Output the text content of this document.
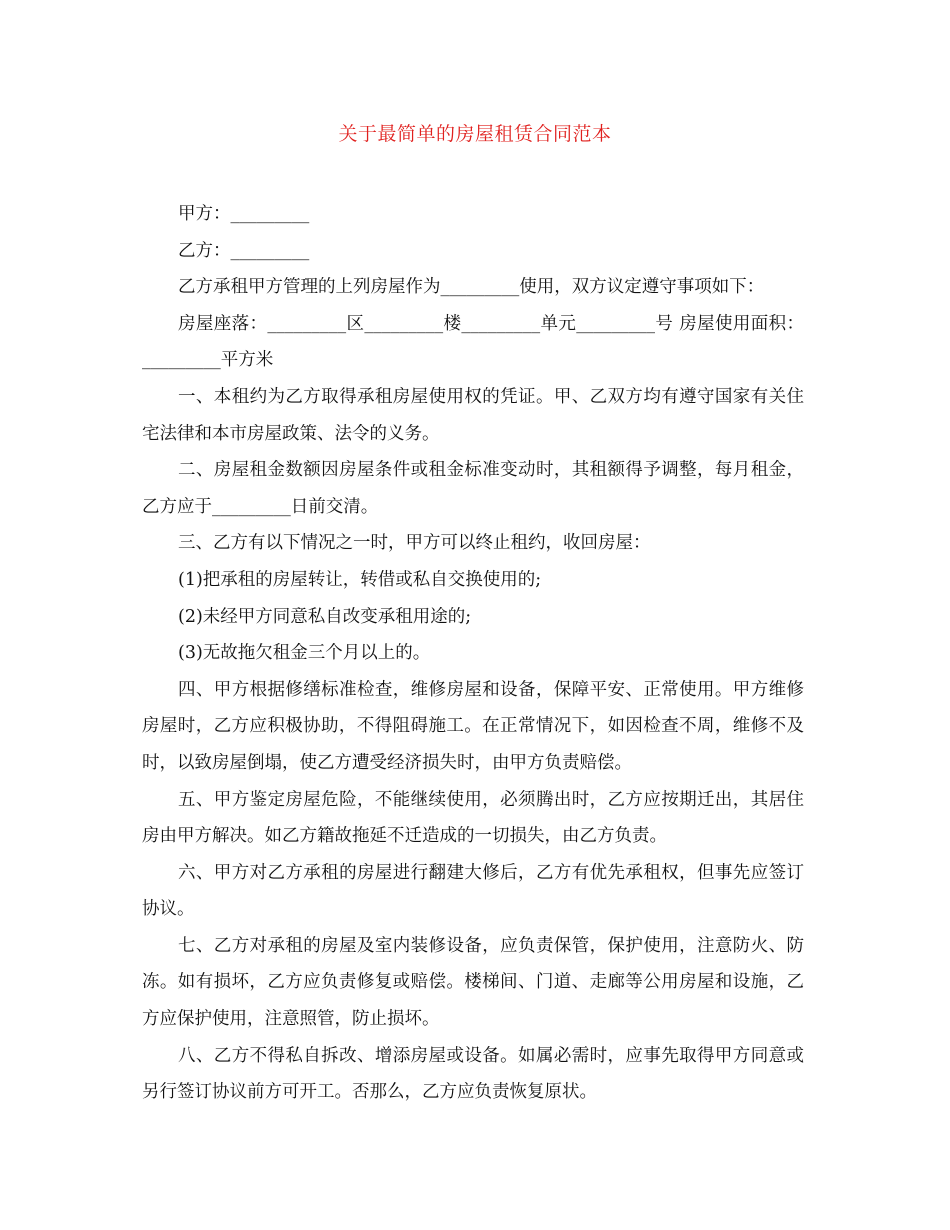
关于最简单的房屋租赁合同范本

甲方：_________

乙方：_________

乙方承租甲方管理的上列房屋作为_________使用，双方议定遵守事项如下：

房屋座落：_________区_________楼_________单元_________号 房屋使用面积：_________平方米

一、本租约为乙方取得承租房屋使用权的凭证。甲、乙双方均有遵守国家有关住宅法律和本市房屋政策、法令的义务。

二、房屋租金数额因房屋条件或租金标准变动时，其租额得予调整，每月租金，乙方应于_________日前交清。

三、乙方有以下情况之一时，甲方可以终止租约，收回房屋：

(1)把承租的房屋转让，转借或私自交换使用的;

(2)未经甲方同意私自改变承租用途的;

(3)无故拖欠租金三个月以上的。

四、甲方根据修缮标准检查，维修房屋和设备，保障平安、正常使用。甲方维修房屋时，乙方应积极协助，不得阻碍施工。在正常情况下，如因检查不周，维修不及时，以致房屋倒塌，使乙方遭受经济损失时，由甲方负责赔偿。

五、甲方鉴定房屋危险，不能继续使用，必须腾出时，乙方应按期迁出，其居住房由甲方解决。如乙方籍故拖延不迁造成的一切损失，由乙方负责。

六、甲方对乙方承租的房屋进行翻建大修后，乙方有优先承租权，但事先应签订协议。

七、乙方对承租的房屋及室内装修设备，应负责保管，保护使用，注意防火、防冻。如有损坏，乙方应负责修复或赔偿。楼梯间、门道、走廊等公用房屋和设施，乙方应保护使用，注意照管，防止损坏。

八、乙方不得私自拆改、增添房屋或设备。如属必需时，应事先取得甲方同意或另行签订协议前方可开工。否那么，乙方应负责恢复原状。
